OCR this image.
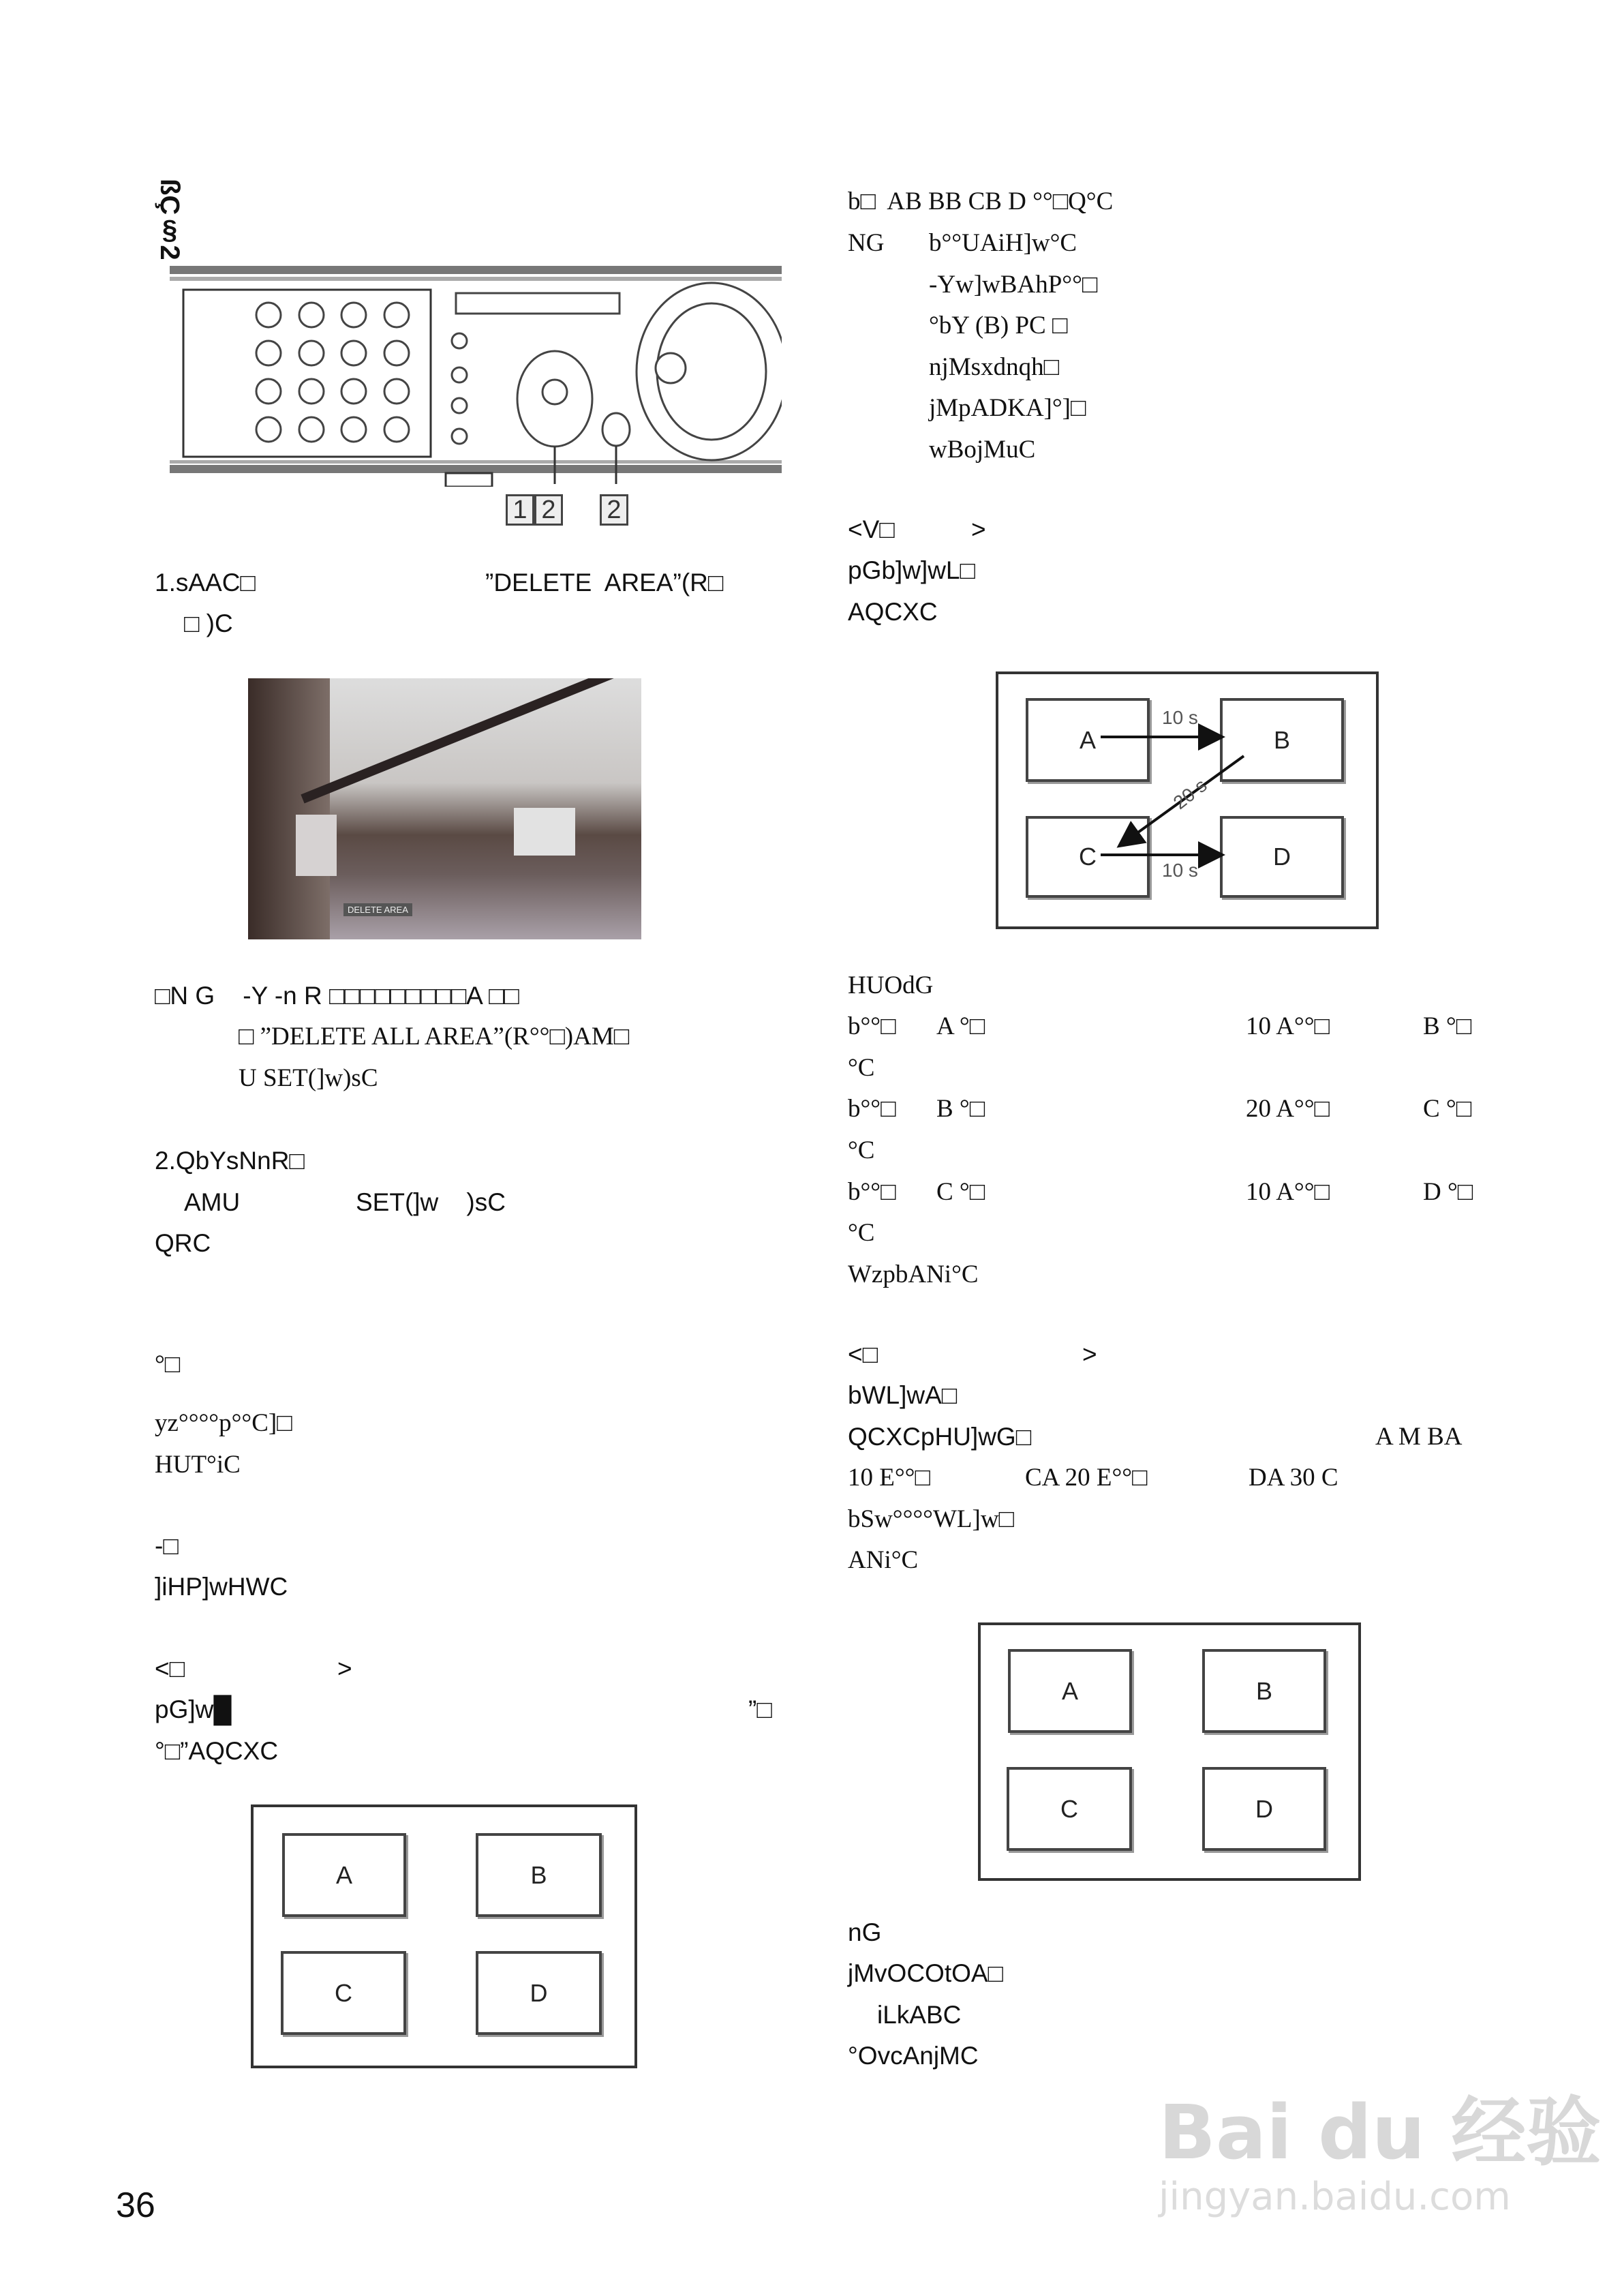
ßÇ§2
1 2 2
1.sAAC□	”DELETE  AREA”(R□
□ )C
DELETE AREA
□N G    -Y -n R □□□□□□□□□A □□
□ ”DELETE ALL AREA”(R°°□)AM□
U SET(]w)sC
2.QbYsNnR□
AMU	SET(]w    )sC
QRC
°□
yz°°°°p°°C]□
HUT°iC
-□
]iHP]wHWC
<□	>
pG]w█	”□
°□”AQCXC
A	B
C	D
36
b□  AB BB CB D °°□Q°C
NG b°°UAiH]w°C
-Yw]wBAhP°°□
°bY (B) PC □
njMsxdnqh□
jMpADKA]°]□
wBojMuC
<V□	>
pGb]w]wL□
AQCXC
A	B
C	D
10 s
20 s
10 s
HUOdG
b°°□ A °□	10 A°°□	B °□
°C
b°°□ B °□	20 A°°□	C °□
°C
b°°□ C °□	10 A°°□	D °□
°C
WzpbANi°C
<□	>
bWL]wA□
QCXCpHU]wG□	A M BA
10 E°°□	CA 20 E°°□	DA 30 C
bSw°°°°WL]w□
ANi°C
A	B
C	D
nG
jMvOCOtOA□
iLkABC
°OvcAnjMC
Bai du 经验
jingyan.baidu.com
